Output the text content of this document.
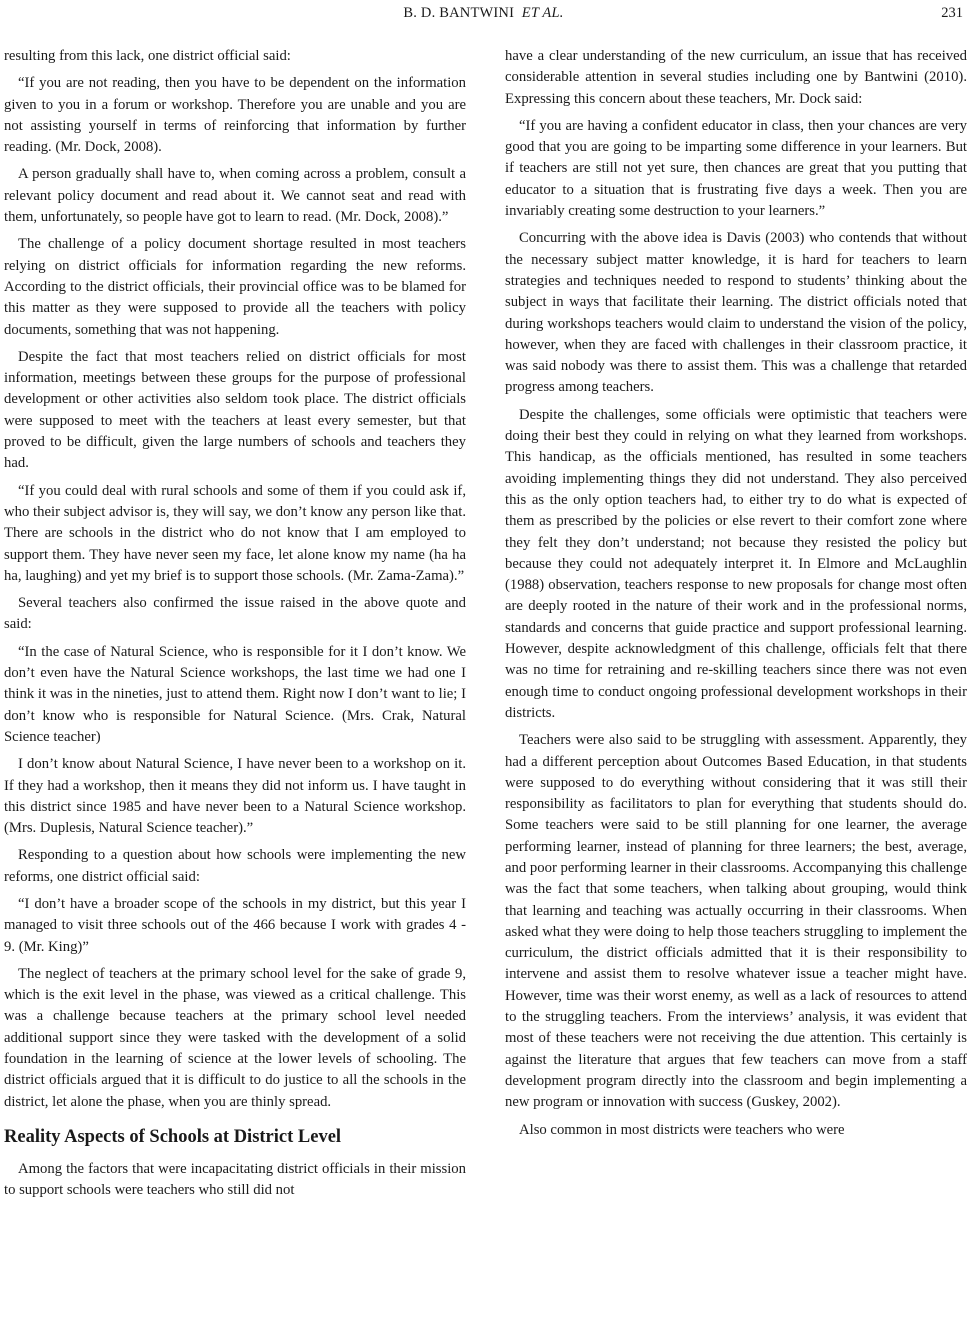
B. D. BANTWINI ET AL.	231

resulting from this lack, one district official said:

“If you are not reading, then you have to be dependent on the information given to you in a forum or workshop. Therefore you are unable and you are not assisting yourself in terms of reinforcing that information by further reading. (Mr. Dock, 2008).

A person gradually shall have to, when coming across a problem, consult a relevant policy document and read about it. We cannot seat and read with them, unfortunately, so people have got to learn to read. (Mr. Dock, 2008).”

The challenge of a policy document shortage resulted in most teachers relying on district officials for information regarding the new reforms. According to the district officials, their provincial office was to be blamed for this matter as they were supposed to provide all the teachers with policy documents, something that was not happening.

Despite the fact that most teachers relied on district officials for most information, meetings between these groups for the purpose of professional development or other activities also seldom took place. The district officials were supposed to meet with the teachers at least every semester, but that proved to be difficult, given the large numbers of schools and teachers they had.

“If you could deal with rural schools and some of them if you could ask if, who their subject advisor is, they will say, we don’t know any person like that. There are schools in the district who do not know that I am employed to support them. They have never seen my face, let alone know my name (ha ha ha, laughing) and yet my brief is to support those schools. (Mr. Zama-Zama).”

Several teachers also confirmed the issue raised in the above quote and said:

“In the case of Natural Science, who is responsible for it I don’t know. We don’t even have the Natural Science workshops, the last time we had one I think it was in the nineties, just to attend them. Right now I don’t want to lie; I don’t know who is responsible for Natural Science. (Mrs. Crak, Natural Science teacher)

I don’t know about Natural Science, I have never been to a workshop on it. If they had a workshop, then it means they did not inform us. I have taught in this district since 1985 and have never been to a Natural Science workshop. (Mrs. Duplesis, Natural Science teacher).”

Responding to a question about how schools were implementing the new reforms, one district official said:

“I don’t have a broader scope of the schools in my district, but this year I managed to visit three schools out of the 466 because I work with grades 4 - 9. (Mr. King)”

The neglect of teachers at the primary school level for the sake of grade 9, which is the exit level in the phase, was viewed as a critical challenge. This was a challenge because teachers at the primary school level needed additional support since they were tasked with the development of a solid foundation in the learning of science at the lower levels of schooling. The district officials argued that it is difficult to do justice to all the schools in the district, let alone the phase, when you are thinly spread.

Reality Aspects of Schools at District Level

Among the factors that were incapacitating district officials in their mission to support schools were teachers who still did not

have a clear understanding of the new curriculum, an issue that has received considerable attention in several studies including one by Bantwini (2010). Expressing this concern about these teachers, Mr. Dock said:

“If you are having a confident educator in class, then your chances are very good that you are going to be imparting some difference in your learners. But if teachers are still not yet sure, then chances are great that you putting that educator to a situation that is frustrating five days a week. Then you are invariably creating some destruction to your learners.”

Concurring with the above idea is Davis (2003) who contends that without the necessary subject matter knowledge, it is hard for teachers to learn strategies and techniques needed to respond to students’ thinking about the subject in ways that facilitate their learning. The district officials noted that during workshops teachers would claim to understand the vision of the policy, however, when they are faced with challenges in their classroom practice, it was said nobody was there to assist them. This was a challenge that retarded progress among teachers.

Despite the challenges, some officials were optimistic that teachers were doing their best they could in relying on what they learned from workshops. This handicap, as the officials mentioned, has resulted in some teachers avoiding implementing things they did not understand. They also perceived this as the only option teachers had, to either try to do what is expected of them as prescribed by the policies or else revert to their comfort zone where they felt they don’t understand; not because they resisted the policy but because they could not adequately interpret it. In Elmore and McLaughlin (1988) observation, teachers response to new proposals for change most often are deeply rooted in the nature of their work and in the professional norms, standards and concerns that guide practice and support professional learning. However, despite acknowledgment of this challenge, officials felt that there was no time for retraining and re-skilling teachers since there was not even enough time to conduct ongoing professional development workshops in their districts.

Teachers were also said to be struggling with assessment. Apparently, they had a different perception about Outcomes Based Education, in that students were supposed to do everything without considering that it was still their responsibility as facilitators to plan for everything that students should do. Some teachers were said to be still planning for one learner, the average performing learner, instead of planning for three learners; the best, average, and poor performing learner in their classrooms. Accompanying this challenge was the fact that some teachers, when talking about grouping, would think that learning and teaching was actually occurring in their classrooms. When asked what they were doing to help those teachers struggling to implement the curriculum, the district officials admitted that it is their responsibility to intervene and assist them to resolve whatever issue a teacher might have. However, time was their worst enemy, as well as a lack of resources to attend to the struggling teachers. From the interviews’ analysis, it was evident that most of these teachers were not receiving the due attention. This certainly is against the literature that argues that few teachers can move from a staff development program directly into the classroom and begin implementing a new program or innovation with success (Guskey, 2002).

Also common in most districts were teachers who were
